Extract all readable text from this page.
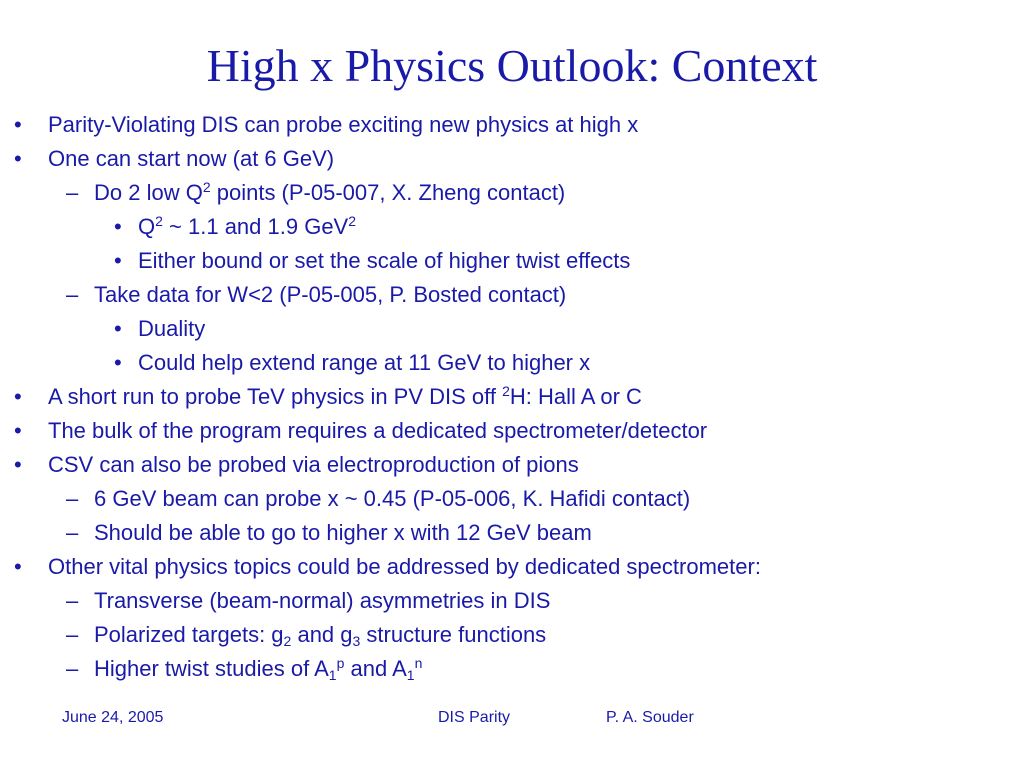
High x Physics Outlook: Context
• Parity-Violating DIS can probe exciting new physics at high x
• One can start now (at 6 GeV)
– Do 2 low $Q^2$ points (P-05-007, X. Zheng contact)
• $Q^2$ ~ 1.1 and 1.9 GeV$^2$
• Either bound or set the scale of higher twist effects
– Take data for W<2 (P-05-005, P. Bosted contact)
• Duality
• Could help extend range at 11 GeV to higher x
• A short run to probe TeV physics in PV DIS off $^2$H: Hall A or C
• The bulk of the program requires a dedicated spectrometer/detector
• CSV can also be probed via electroproduction of pions
– 6 GeV beam can probe x ~ 0.45 (P-05-006, K. Hafidi contact)
– Should be able to go to higher x with 12 GeV beam
• Other vital physics topics could be addressed by dedicated spectrometer:
– Transverse (beam-normal) asymmetries in DIS
– Polarized targets: $g_2$ and $g_3$ structure functions
– Higher twist studies of $A_1^p$ and $A_1^n$
June 24, 2005	DIS Parity	P. A. Souder
